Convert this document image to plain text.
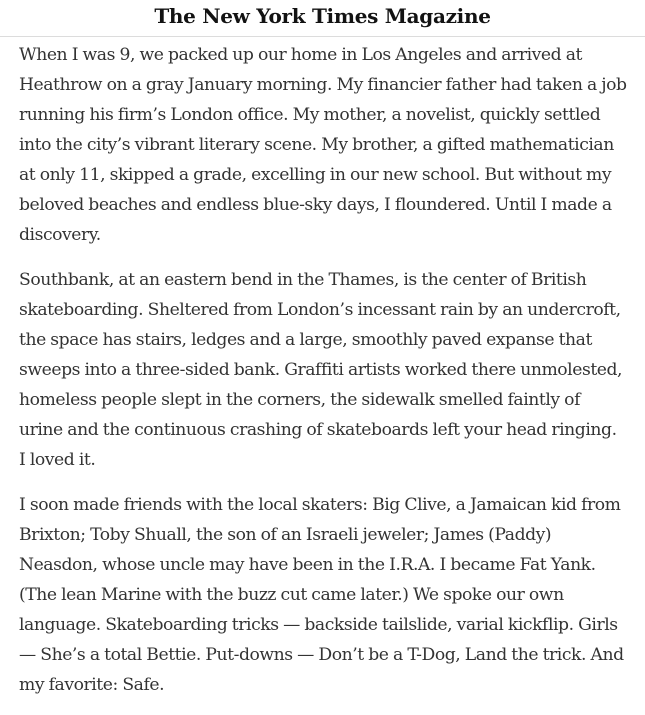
The New York Times Magazine

When I was 9, we packed up our home in Los Angeles and arrived at Heathrow on a gray January morning. My financier father had taken a job running his firm’s London office. My mother, a novelist, quickly settled into the city’s vibrant literary scene. My brother, a gifted mathematician at only 11, skipped a grade, excelling in our new school. But without my beloved beaches and endless blue-sky days, I floundered. Until I made a discovery.

Southbank, at an eastern bend in the Thames, is the center of British skateboarding. Sheltered from London’s incessant rain by an undercroft, the space has stairs, ledges and a large, smoothly paved expanse that sweeps into a three-sided bank. Graffiti artists worked there unmolested, homeless people slept in the corners, the sidewalk smelled faintly of urine and the continuous crashing of skateboards left your head ringing. I loved it.

I soon made friends with the local skaters: Big Clive, a Jamaican kid from Brixton; Toby Shuall, the son of an Israeli jeweler; James (Paddy) Neasdon, whose uncle may have been in the I.R.A. I became Fat Yank. (The lean Marine with the buzz cut came later.) We spoke our own language. Skateboarding tricks — backside tailslide, varial kickflip. Girls — She’s a total Bettie. Put-downs — Don’t be a T-Dog, Land the trick. And my favorite: Safe.
